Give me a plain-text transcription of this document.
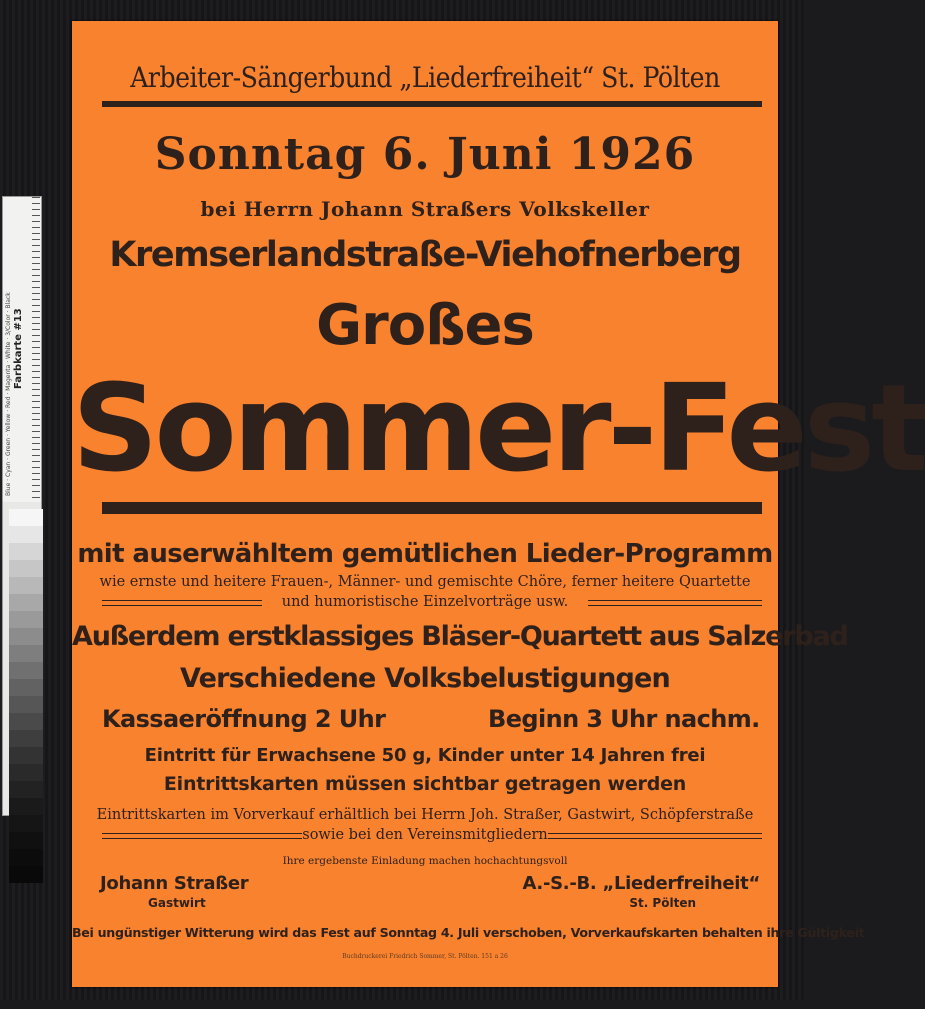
Blue · Cyan · Green · Yellow · Red · Magenta · White · 3/Color · Black Farbkarte #13
Arbeiter-Sängerbund „Liederfreiheit“ St. Pölten
Sonntag 6. Juni 1926
bei Herrn Johann Straßers Volkskeller
Kremserlandstraße-Viehofnerberg
Großes
Sommer-Fest
mit auserwähltem gemütlichen Lieder-Programm
wie ernste und heitere Frauen-, Männer- und gemischte Chöre, ferner heitere Quartette
und humoristische Einzelvorträge usw.
Außerdem erstklassiges Bläser-Quartett aus Salzerbad
Verschiedene Volksbelustigungen
Kassaeröffnung 2 Uhr	Beginn 3 Uhr nachm.
Eintritt für Erwachsene 50 g, Kinder unter 14 Jahren frei
Eintrittskarten müssen sichtbar getragen werden
Eintrittskarten im Vorverkauf erhältlich bei Herrn Joh. Straßer, Gastwirt, Schöpferstraße
sowie bei den Vereinsmitgliedern
Ihre ergebenste Einladung machen hochachtungsvoll
Johann Straßer
Gastwirt
A.-S.-B. „Liederfreiheit“
St. Pölten
Bei ungünstiger Witterung wird das Fest auf Sonntag 4. Juli verschoben, Vorverkaufskarten behalten ihre Gültigkeit
Buchdruckerei Friedrich Sommer, St. Pölten. 151 a 26
